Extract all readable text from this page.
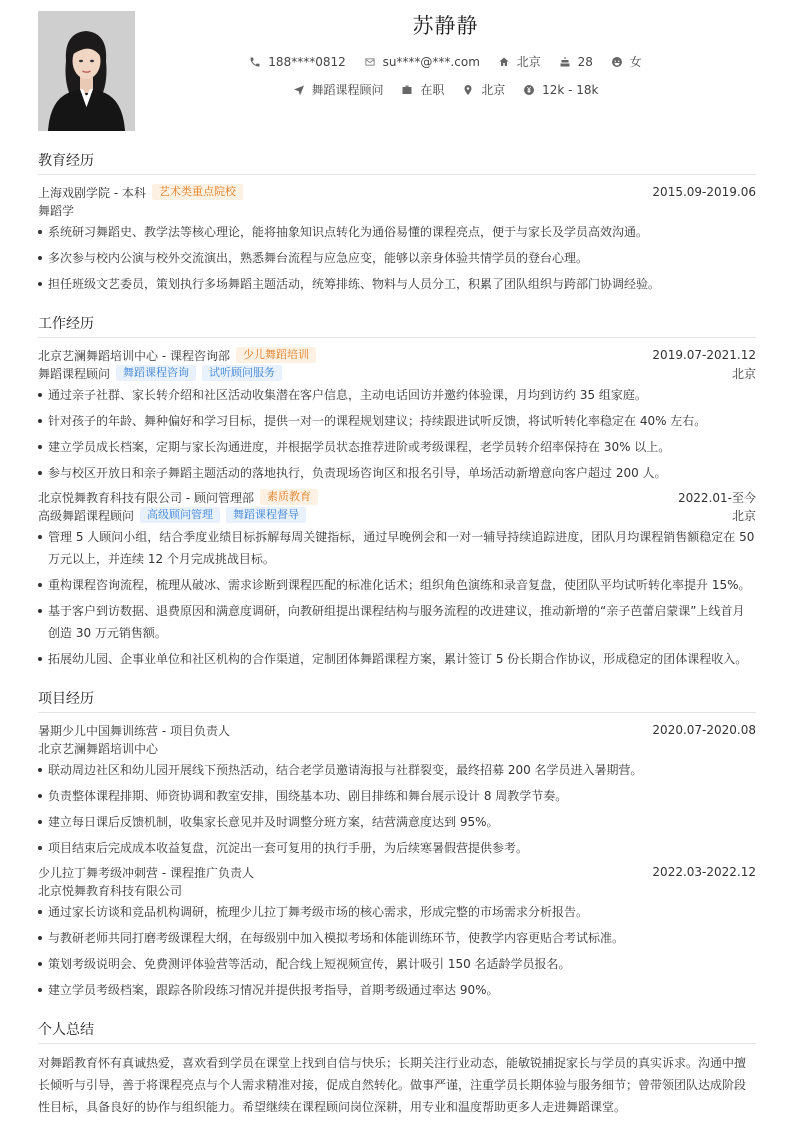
苏静静
188****0812
	su****@***.com
	北京
	28
	女
舞蹈课程顾问
	在职
	北京
	12k - 18k
教育经历
上海戏剧学院 - 本科	艺术类重点院校	2015.09-2019.06
舞蹈学
系统研习舞蹈史、教学法等核心理论，能将抽象知识点转化为通俗易懂的课程亮点，便于与家长及学员高效沟通。
多次参与校内公演与校外交流演出，熟悉舞台流程与应急应变，能够以亲身体验共情学员的登台心理。
担任班级文艺委员，策划执行多场舞蹈主题活动，统筹排练、物料与人员分工，积累了团队组织与跨部门协调经验。
工作经历
北京艺澜舞蹈培训中心 - 课程咨询部	少儿舞蹈培训	2019.07-2021.12
舞蹈课程顾问	舞蹈课程咨询	试听顾问服务	北京
通过亲子社群、家长转介绍和社区活动收集潜在客户信息，主动电话回访并邀约体验课，月均到访约 35 组家庭。
针对孩子的年龄、舞种偏好和学习目标，提供一对一的课程规划建议；持续跟进试听反馈，将试听转化率稳定在 40% 左右。
建立学员成长档案，定期与家长沟通进度，并根据学员状态推荐进阶或考级课程，老学员转介绍率保持在 30% 以上。
参与校区开放日和亲子舞蹈主题活动的落地执行，负责现场咨询区和报名引导，单场活动新增意向客户超过 200 人。
北京悦舞教育科技有限公司 - 顾问管理部	素质教育	2022.01-至今
高级舞蹈课程顾问	高级顾问管理	舞蹈课程督导	北京
管理 5 人顾问小组，结合季度业绩目标拆解每周关键指标，通过早晚例会和一对一辅导持续追踪进度，团队月均课程销售额稳定在 50 万元以上，并连续 12 个月完成挑战目标。
重构课程咨询流程，梳理从破冰、需求诊断到课程匹配的标准化话术；组织角色演练和录音复盘，使团队平均试听转化率提升 15%。
基于客户到访数据、退费原因和满意度调研，向教研组提出课程结构与服务流程的改进建议，推动新增的“亲子芭蕾启蒙课”上线首月创造 30 万元销售额。
拓展幼儿园、企事业单位和社区机构的合作渠道，定制团体舞蹈课程方案，累计签订 5 份长期合作协议，形成稳定的团体课程收入。
项目经历
暑期少儿中国舞训练营 - 项目负责人	2020.07-2020.08
北京艺澜舞蹈培训中心
联动周边社区和幼儿园开展线下预热活动，结合老学员邀请海报与社群裂变，最终招募 200 名学员进入暑期营。
负责整体课程排期、师资协调和教室安排，围绕基本功、剧目排练和舞台展示设计 8 周教学节奏。
建立每日课后反馈机制，收集家长意见并及时调整分班方案，结营满意度达到 95%。
项目结束后完成成本收益复盘，沉淀出一套可复用的执行手册，为后续寒暑假营提供参考。
少儿拉丁舞考级冲刺营 - 课程推广负责人	2022.03-2022.12
北京悦舞教育科技有限公司
通过家长访谈和竞品机构调研，梳理少儿拉丁舞考级市场的核心需求，形成完整的市场需求分析报告。
与教研老师共同打磨考级课程大纲，在每级别中加入模拟考场和体能训练环节，使教学内容更贴合考试标准。
策划考级说明会、免费测评体验营等活动，配合线上短视频宣传，累计吸引 150 名适龄学员报名。
建立学员考级档案，跟踪各阶段练习情况并提供报考指导，首期考级通过率达 90%。
个人总结
对舞蹈教育怀有真诚热爱，喜欢看到学员在课堂上找到自信与快乐；长期关注行业动态，能敏锐捕捉家长与学员的真实诉求。沟通中擅长倾听与引导，善于将课程亮点与个人需求精准对接，促成自然转化。做事严谨，注重学员长期体验与服务细节；曾带领团队达成阶段性目标，具备良好的协作与组织能力。希望继续在课程顾问岗位深耕，用专业和温度帮助更多人走进舞蹈课堂。
